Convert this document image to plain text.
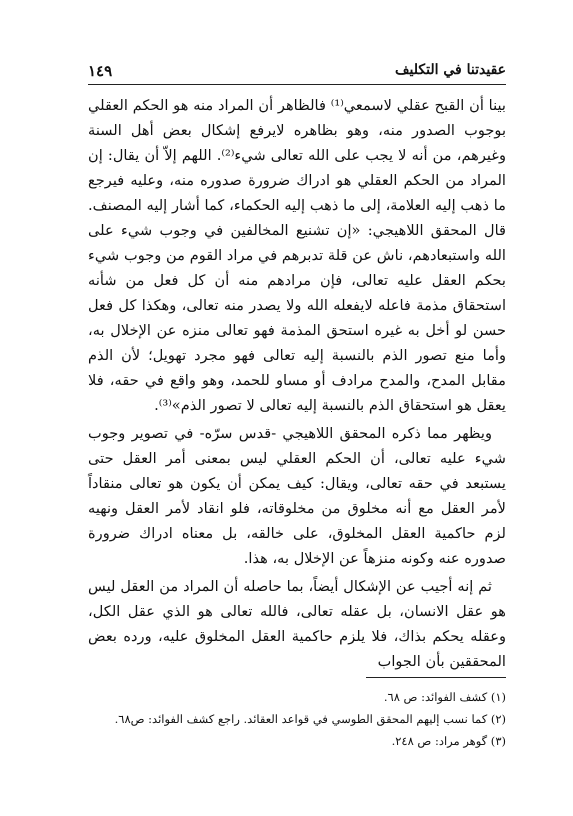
عقيدتنا في التكليف
١٤٩

بينا أن القبح عقلي لاسمعي⁽¹⁾ فالظاهر أن المراد منه هو الحكم العقلي بوجوب الصدور منه، وهو بظاهره لايرفع إشكال بعض أهل السنة وغيرهم، من أنه لا يجب على الله تعالى شيء⁽²⁾. اللهم إلاّ أن يقال: إن المراد من الحكم العقلي هو ادراك ضرورة صدوره منه، وعليه فيرجع ما ذهب إليه العلامة، إلى ما ذهب إليه الحكماء، كما أشار إليه المصنف. قال المحقق اللاهيجي: «إن تشنيع المخالفين في وجوب شيء على الله واستبعادهم، ناش عن قلة تدبرهم في مراد القوم من وجوب شيء بحكم العقل عليه تعالى، فإن مرادهم منه أن كل فعل من شأنه استحقاق مذمة فاعله لايفعله الله ولا يصدر منه تعالى، وهكذا كل فعل حسن لو أخل به غيره استحق المذمة فهو تعالى منزه عن الإخلال به، وأما منع تصور الذم بالنسبة إليه تعالى فهو مجرد تهويل؛ لأن الذم مقابل المدح، والمدح مرادف أو مساو للحمد، وهو واقع في حقه، فلا يعقل هو استحقاق الذم بالنسبة إليه تعالى لا تصور الذم»⁽³⁾.

ويظهر مما ذكره المحقق اللاهيجي -قدس سرّه- في تصوير وجوب شيء عليه تعالى، أن الحكم العقلي ليس بمعنى أمر العقل حتى يستبعد في حقه تعالى، ويقال: كيف يمكن أن يكون هو تعالى منقاداً لأمر العقل مع أنه مخلوق من مخلوقاته، فلو انقاد لأمر العقل ونهيه لزم حاكمية العقل المخلوق، على خالقه، بل معناه ادراك ضرورة صدوره عنه وكونه منزهاً عن الإخلال به، هذا.

ثم إنه أجيب عن الإشكال أيضاً، بما حاصله أن المراد من العقل ليس هو عقل الانسان، بل عقله تعالى، فالله تعالى هو الذي عقل الكل، وعقله يحكم بذاك، فلا يلزم حاكمية العقل المخلوق عليه، ورده بعض المحققين بأن الجواب

(١) كشف الفوائد: ص ٦٨.
(٢) كما نسب إليهم المحقق الطوسي في قواعد العقائد. راجع كشف الفوائد: ص٦٨.
(٣) گوهر مراد: ص ٢٤٨.
